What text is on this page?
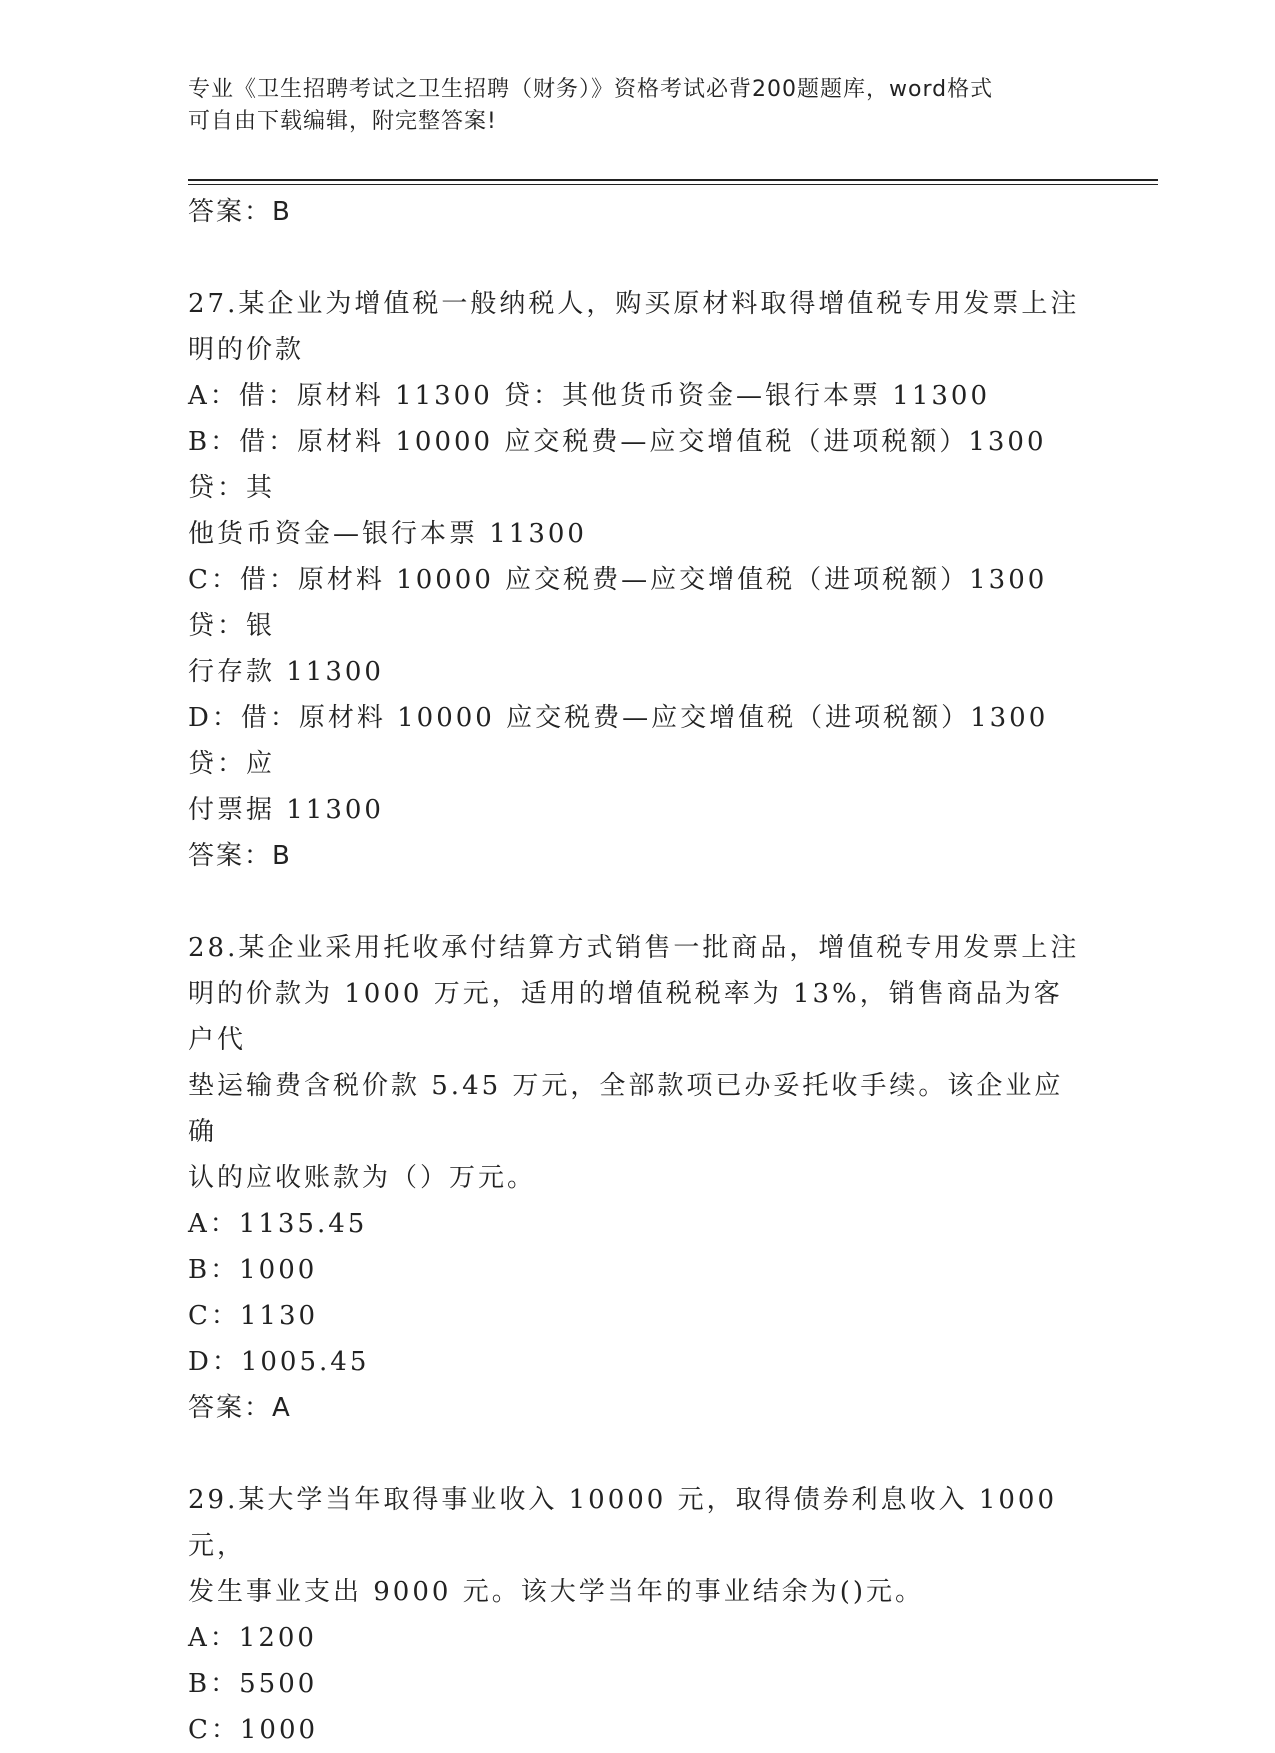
专业《卫生招聘考试之卫生招聘（财务）》资格考试必背200题题库，word格式
可自由下载编辑，附完整答案!
答案：B
27.某企业为增值税一般纳税人，购买原材料取得增值税专用发票上注
明的价款
A：借：原材料 11300 贷：其他货币资金—银行本票 11300
B：借：原材料 10000 应交税费—应交增值税（进项税额）1300 贷：其
他货币资金—银行本票 11300
C：借：原材料 10000 应交税费—应交增值税（进项税额）1300 贷：银
行存款 11300
D：借：原材料 10000 应交税费—应交增值税（进项税额）1300 贷：应
付票据 11300
答案：B
28.某企业采用托收承付结算方式销售一批商品，增值税专用发票上注
明的价款为 1000 万元，适用的增值税税率为 13%，销售商品为客户代
垫运输费含税价款 5.45 万元，全部款项已办妥托收手续。该企业应确
认的应收账款为（）万元。
A：1135.45
B：1000
C：1130
D：1005.45
答案：A
29.某大学当年取得事业收入 10000 元，取得债券利息收入 1000 元，
发生事业支出 9000 元。该大学当年的事业结余为()元。
A：1200
B：5500
C：1000
